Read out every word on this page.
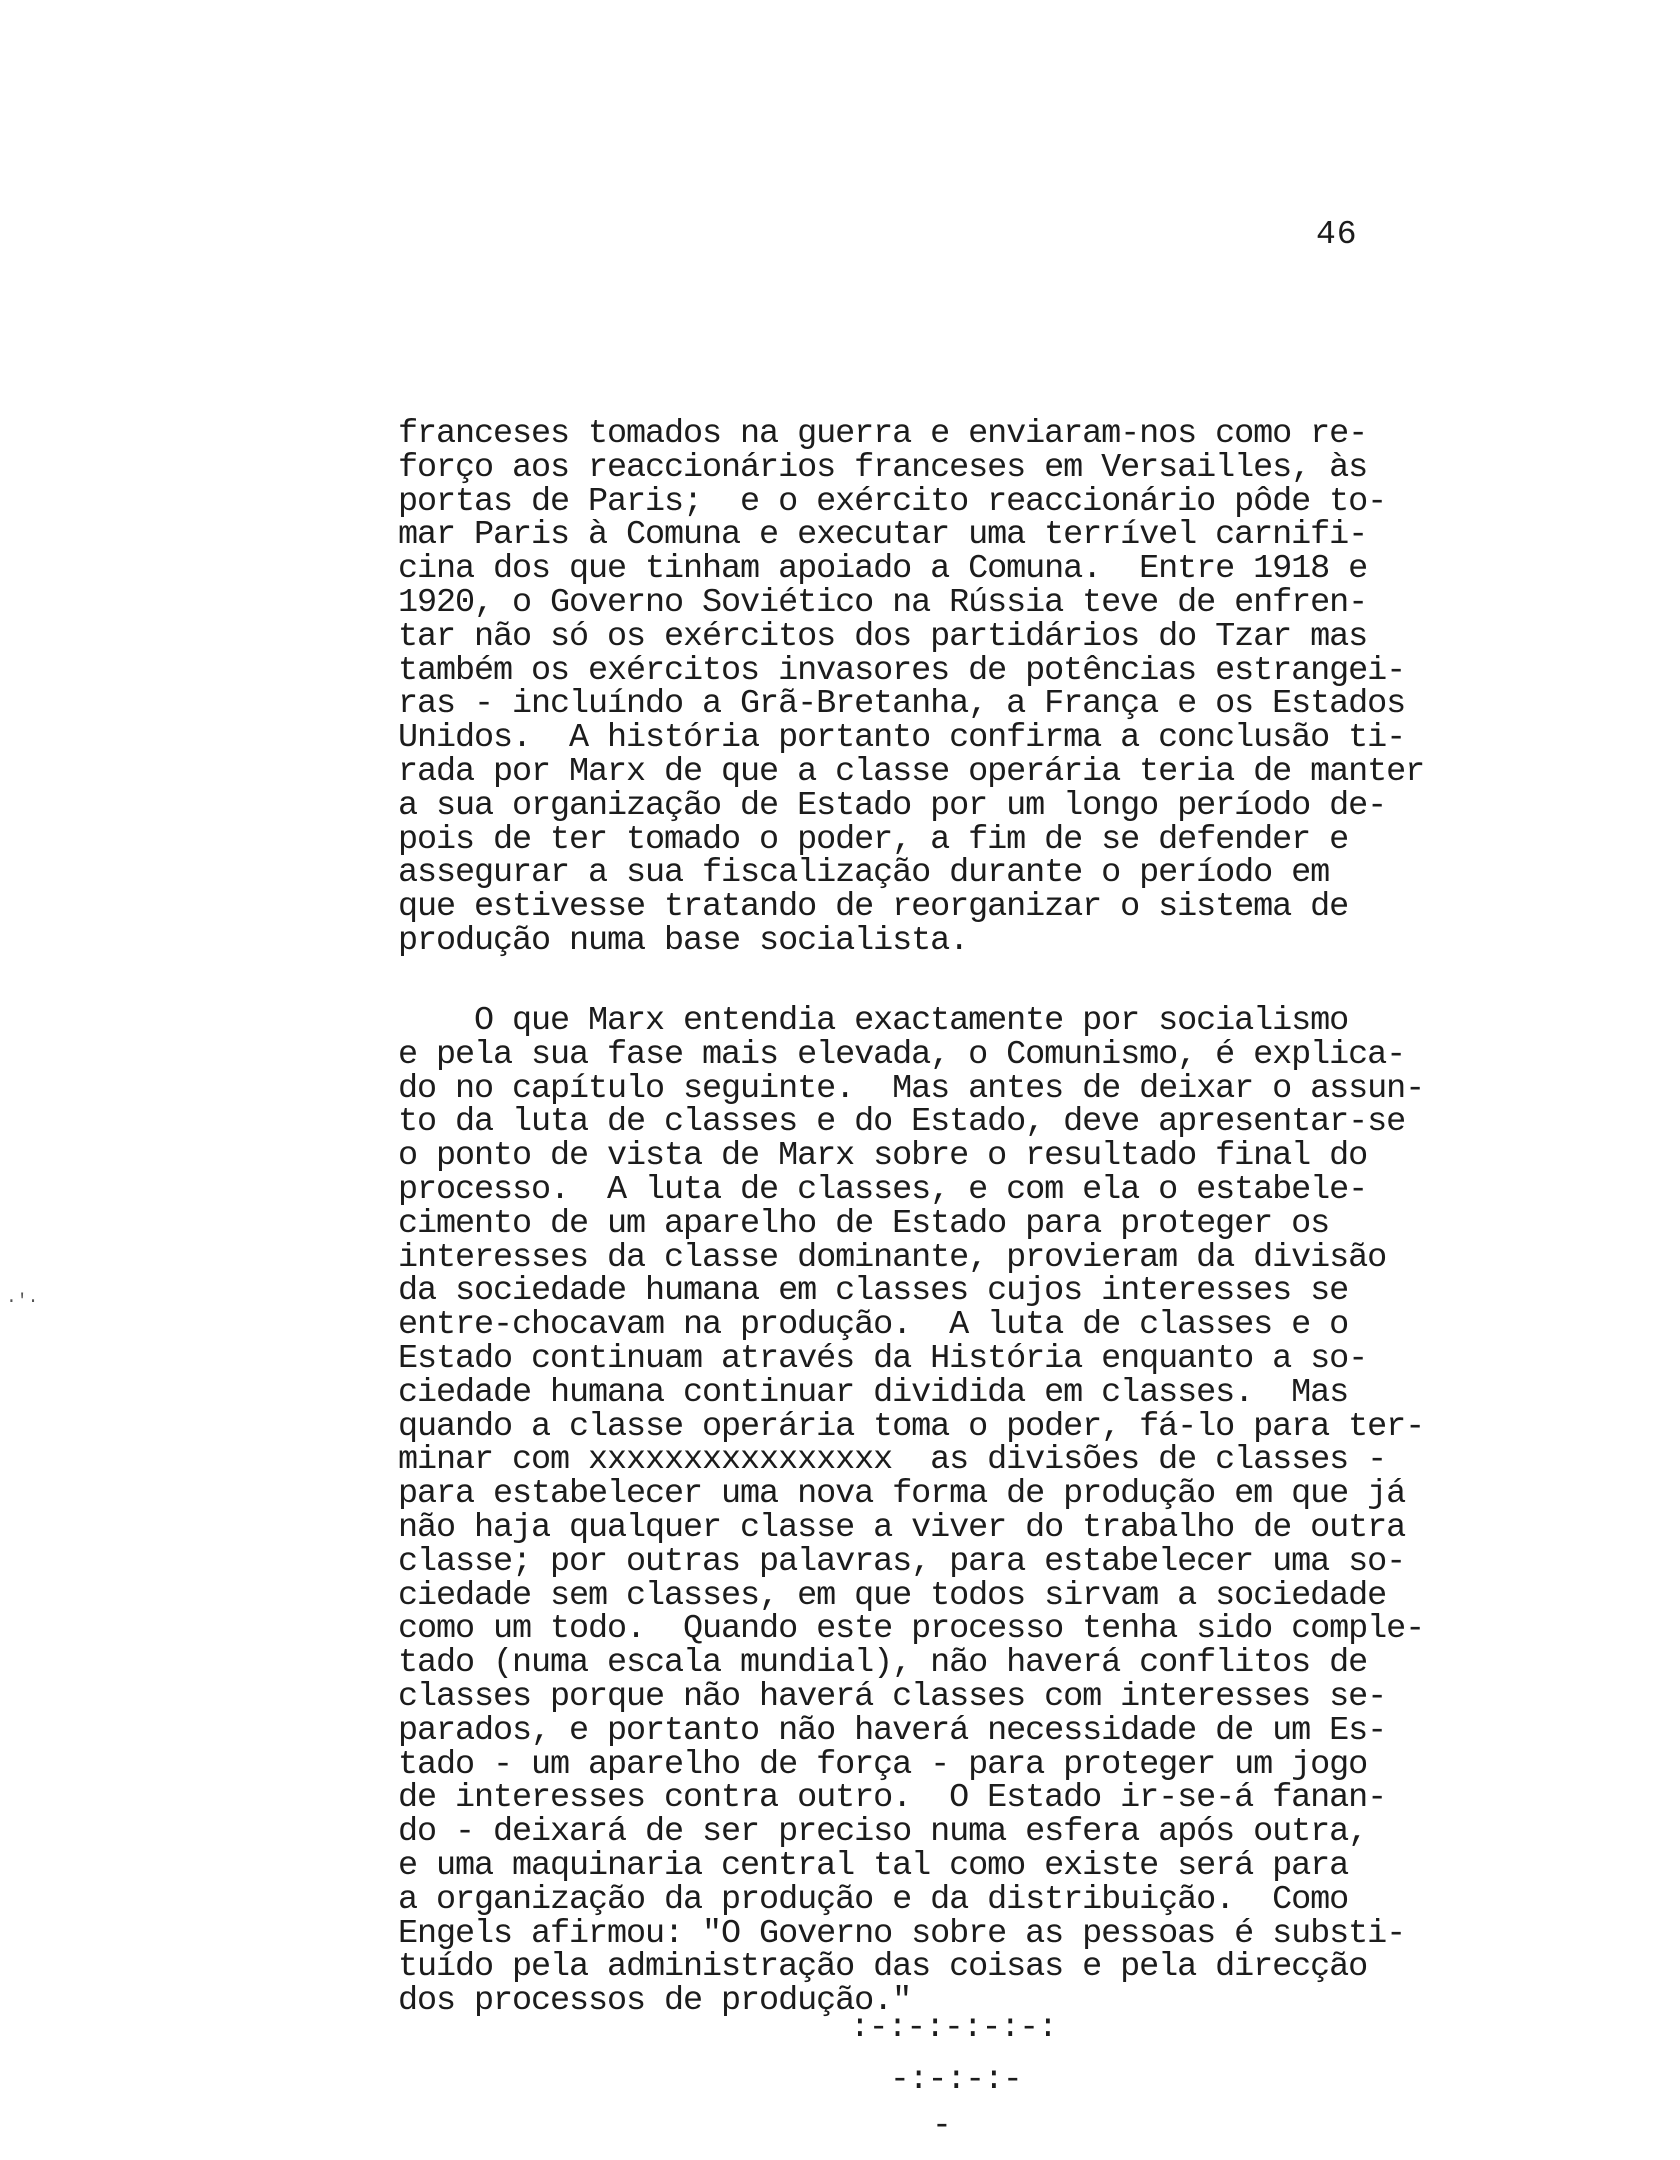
46
franceses tomados na guerra e enviaram-nos como re-
forço aos reaccionários franceses em Versailles, às
portas de Paris;  e o exército reaccionário pôde to-
mar Paris à Comuna e executar uma terrível carnifi-
cina dos que tinham apoiado a Comuna.  Entre 1918 e
1920, o Governo Soviético na Rússia teve de enfren-
tar não só os exércitos dos partidários do Tzar mas
também os exércitos invasores de potências estrangei-
ras - incluíndo a Grã-Bretanha, a França e os Estados
Unidos.  A história portanto confirma a conclusão ti-
rada por Marx de que a classe operária teria de manter
a sua organização de Estado por um longo período de-
pois de ter tomado o poder, a fim de se defender e
assegurar a sua fiscalização durante o período em
que estivesse tratando de reorganizar o sistema de
produção numa base socialista.
O que Marx entendia exactamente por socialismo
e pela sua fase mais elevada, o Comunismo, é explica-
do no capítulo seguinte.  Mas antes de deixar o assun-
to da luta de classes e do Estado, deve apresentar-se
o ponto de vista de Marx sobre o resultado final do
processo.  A luta de classes, e com ela o estabele-
cimento de um aparelho de Estado para proteger os
interesses da classe dominante, provieram da divisão
da sociedade humana em classes cujos interesses se
entre-chocavam na produção.  A luta de classes e o
Estado continuam através da História enquanto a so-
ciedade humana continuar dividida em classes.  Mas
quando a classe operária toma o poder, fá-lo para ter-
minar com xxxxxxxxxxxxxxxx  as divisões de classes -
para estabelecer uma nova forma de produção em que já
não haja qualquer classe a viver do trabalho de outra
classe; por outras palavras, para estabelecer uma so-
ciedade sem classes, em que todos sirvam a sociedade
como um todo.  Quando este processo tenha sido comple-
tado (numa escala mundial), não haverá conflitos de
classes porque não haverá classes com interesses se-
parados, e portanto não haverá necessidade de um Es-
tado - um aparelho de força - para proteger um jogo
de interesses contra outro.  O Estado ir-se-á fanan-
do - deixará de ser preciso numa esfera após outra,
e uma maquinaria central tal como existe será para
a organização da produção e da distribuição.  Como
Engels afirmou: "O Governo sobre as pessoas é substi-
tuído pela administração das coisas e pela direcção
dos processos de produção."
:-:-:-:-:-:
-:-:-:-
-
·'·
